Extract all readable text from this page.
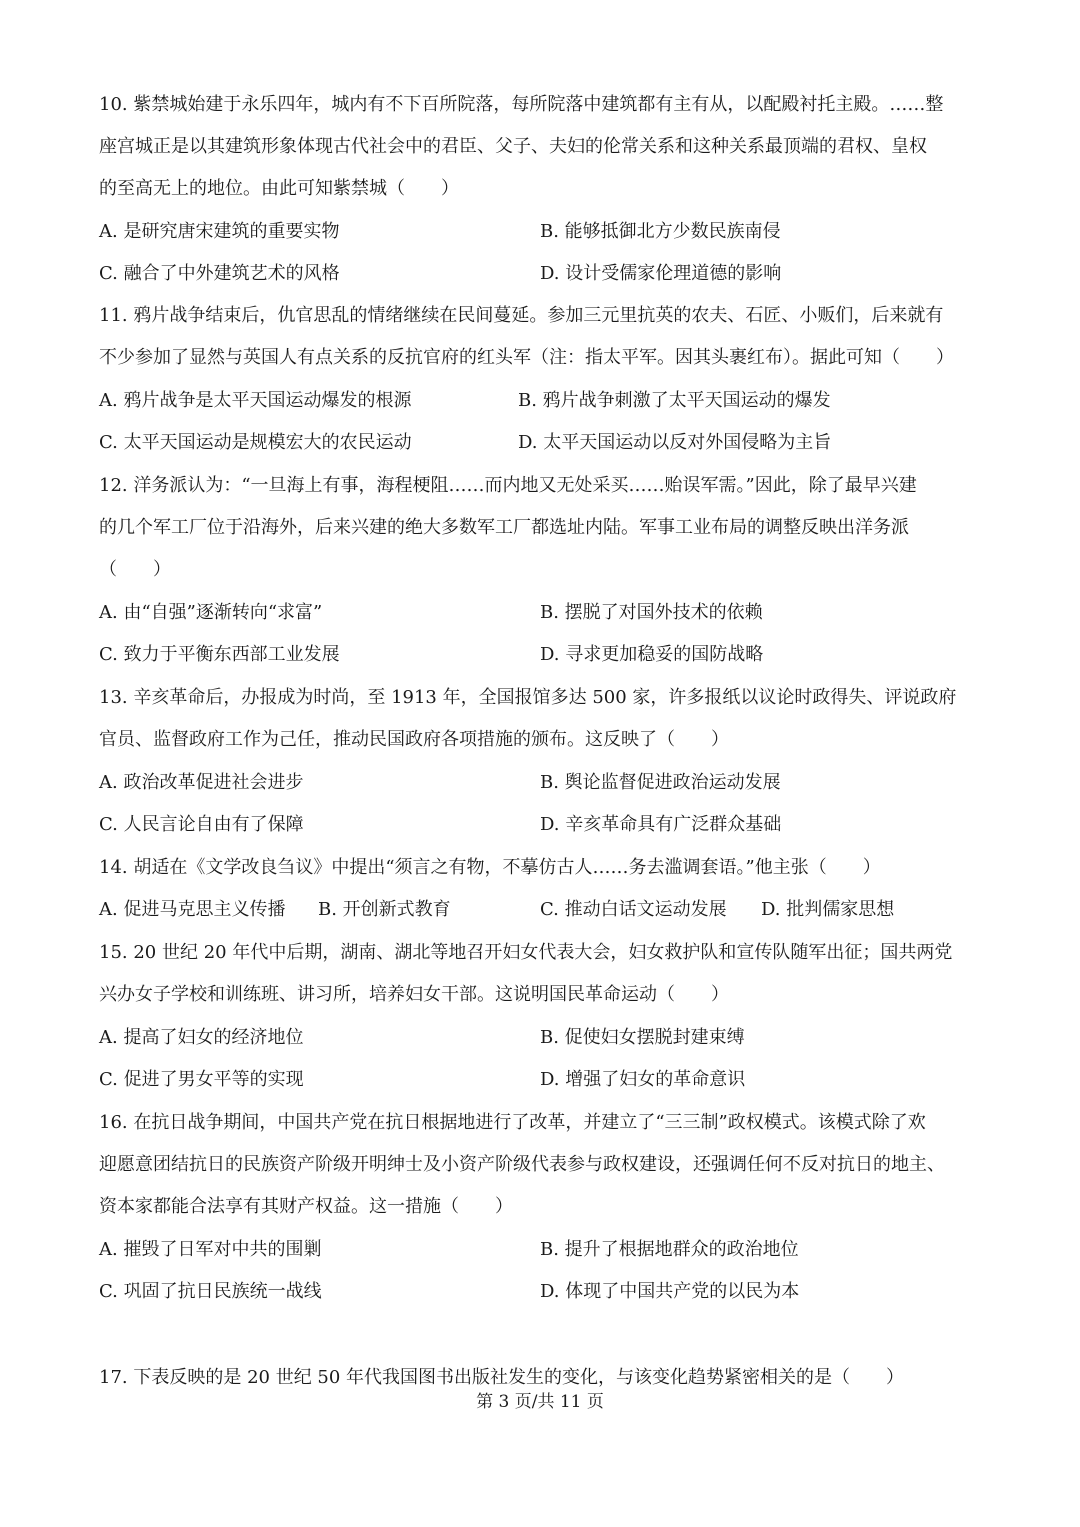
10. 紫禁城始建于永乐四年，城内有不下百所院落，每所院落中建筑都有主有从，以配殿衬托主殿。……整
座宫城正是以其建筑形象体现古代社会中的君臣、父子、夫妇的伦常关系和这种关系最顶端的君权、皇权
的至高无上的地位。由此可知紫禁城（　　）
A. 是研究唐宋建筑的重要实物	B. 能够抵御北方少数民族南侵
C. 融合了中外建筑艺术的风格	D. 设计受儒家伦理道德的影响
11. 鸦片战争结束后，仇官思乱的情绪继续在民间蔓延。参加三元里抗英的农夫、石匠、小贩们，后来就有
不少参加了显然与英国人有点关系的反抗官府的红头军（注：指太平军。因其头裹红布）。据此可知（　　）
A. 鸦片战争是太平天国运动爆发的根源	B. 鸦片战争刺激了太平天国运动的爆发
C. 太平天国运动是规模宏大的农民运动	D. 太平天国运动以反对外国侵略为主旨
12. 洋务派认为：“一旦海上有事，海程梗阻……而内地又无处采买……贻误军需。”因此，除了最早兴建
的几个军工厂位于沿海外，后来兴建的绝大多数军工厂都选址内陆。军事工业布局的调整反映出洋务派
（　　）
A. 由“自强”逐渐转向“求富”	B. 摆脱了对国外技术的依赖
C. 致力于平衡东西部工业发展	D. 寻求更加稳妥的国防战略
13. 辛亥革命后，办报成为时尚，至 1913 年，全国报馆多达 500 家，许多报纸以议论时政得失、评说政府
官员、监督政府工作为己任，推动民国政府各项措施的颁布。这反映了（　　）
A. 政治改革促进社会进步	B. 舆论监督促进政治运动发展
C. 人民言论自由有了保障	D. 辛亥革命具有广泛群众基础
14. 胡适在《文学改良刍议》中提出“须言之有物，不摹仿古人……务去滥调套语。”他主张（　　）
A. 促进马克思主义传播 B. 开创新式教育	C. 推动白话文运动发展 D. 批判儒家思想
15. 20 世纪 20 年代中后期，湖南、湖北等地召开妇女代表大会，妇女救护队和宣传队随军出征；国共两党
兴办女子学校和训练班、讲习所，培养妇女干部。这说明国民革命运动（　　）
A. 提高了妇女的经济地位	B. 促使妇女摆脱封建束缚
C. 促进了男女平等的实现	D. 增强了妇女的革命意识
16. 在抗日战争期间，中国共产党在抗日根据地进行了改革，并建立了“三三制”政权模式。该模式除了欢
迎愿意团结抗日的民族资产阶级开明绅士及小资产阶级代表参与政权建设，还强调任何不反对抗日的地主、
资本家都能合法享有其财产权益。这一措施（　　）
A. 摧毁了日军对中共的围剿	B. 提升了根据地群众的政治地位
C. 巩固了抗日民族统一战线	D. 体现了中国共产党的以民为本
17. 下表反映的是 20 世纪 50 年代我国图书出版社发生的变化，与该变化趋势紧密相关的是（　　）
第 3 页/共 11 页
